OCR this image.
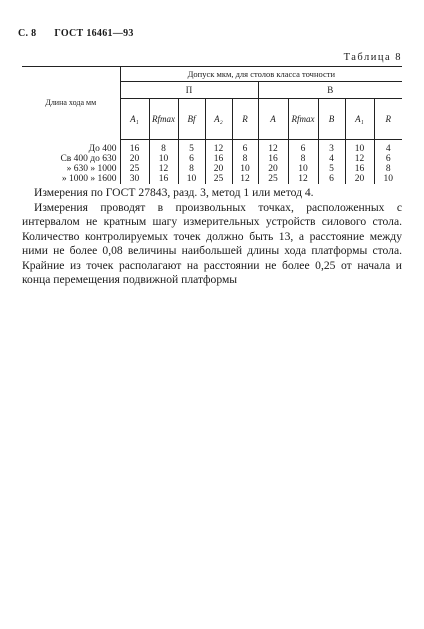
С. 8 ГОСТ 16461—93
Таблица 8
Длина хода мм	Допуск мкм, для столов класса точности									
	П					В				
	A₁	Rfmax	Bf	A₂	R	A	Rfmax	B	A₁	R
До 400	16	8	5	12	6	12	6	3	10	4
Св 400 до 630	20	10	6	16	8	16	8	4	12	6
» 630 » 1000	25	12	8	20	10	20	10	5	16	8
» 1000 » 1600	30	16	10	25	12	25	12	6	20	10

Измерения по ГОСТ 27843, разд. 3, метод 1 или метод 4.

Измерения проводят в произвольных точках, расположенных с интервалом не кратным шагу измерительных устройств силового стола. Количество контролируемых точек должно быть 13, а расстояние между ними не более 0,08 величины наибольшей длины хода платформы стола. Крайние из точек располагают на расстоянии не более 0,25 от начала и конца перемещения подвижной платформы
